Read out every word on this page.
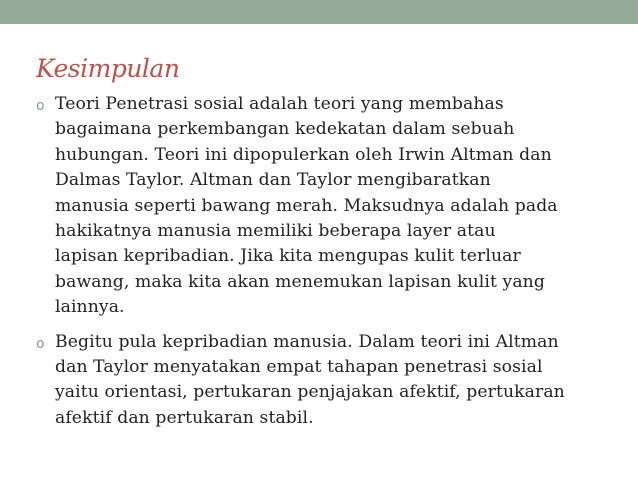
Kesimpulan
o Teori Penetrasi sosial adalah teori yang membahas
bagaimana perkembangan kedekatan dalam sebuah
hubungan. Teori ini dipopulerkan oleh Irwin Altman dan
Dalmas Taylor. Altman dan Taylor mengibaratkan
manusia seperti bawang merah. Maksudnya adalah pada
hakikatnya manusia memiliki beberapa layer atau
lapisan kepribadian. Jika kita mengupas kulit terluar
bawang, maka kita akan menemukan lapisan kulit yang
lainnya.
o Begitu pula kepribadian manusia. Dalam teori ini Altman
dan Taylor menyatakan empat tahapan penetrasi sosial
yaitu orientasi, pertukaran penjajakan afektif, pertukaran
afektif dan pertukaran stabil.
